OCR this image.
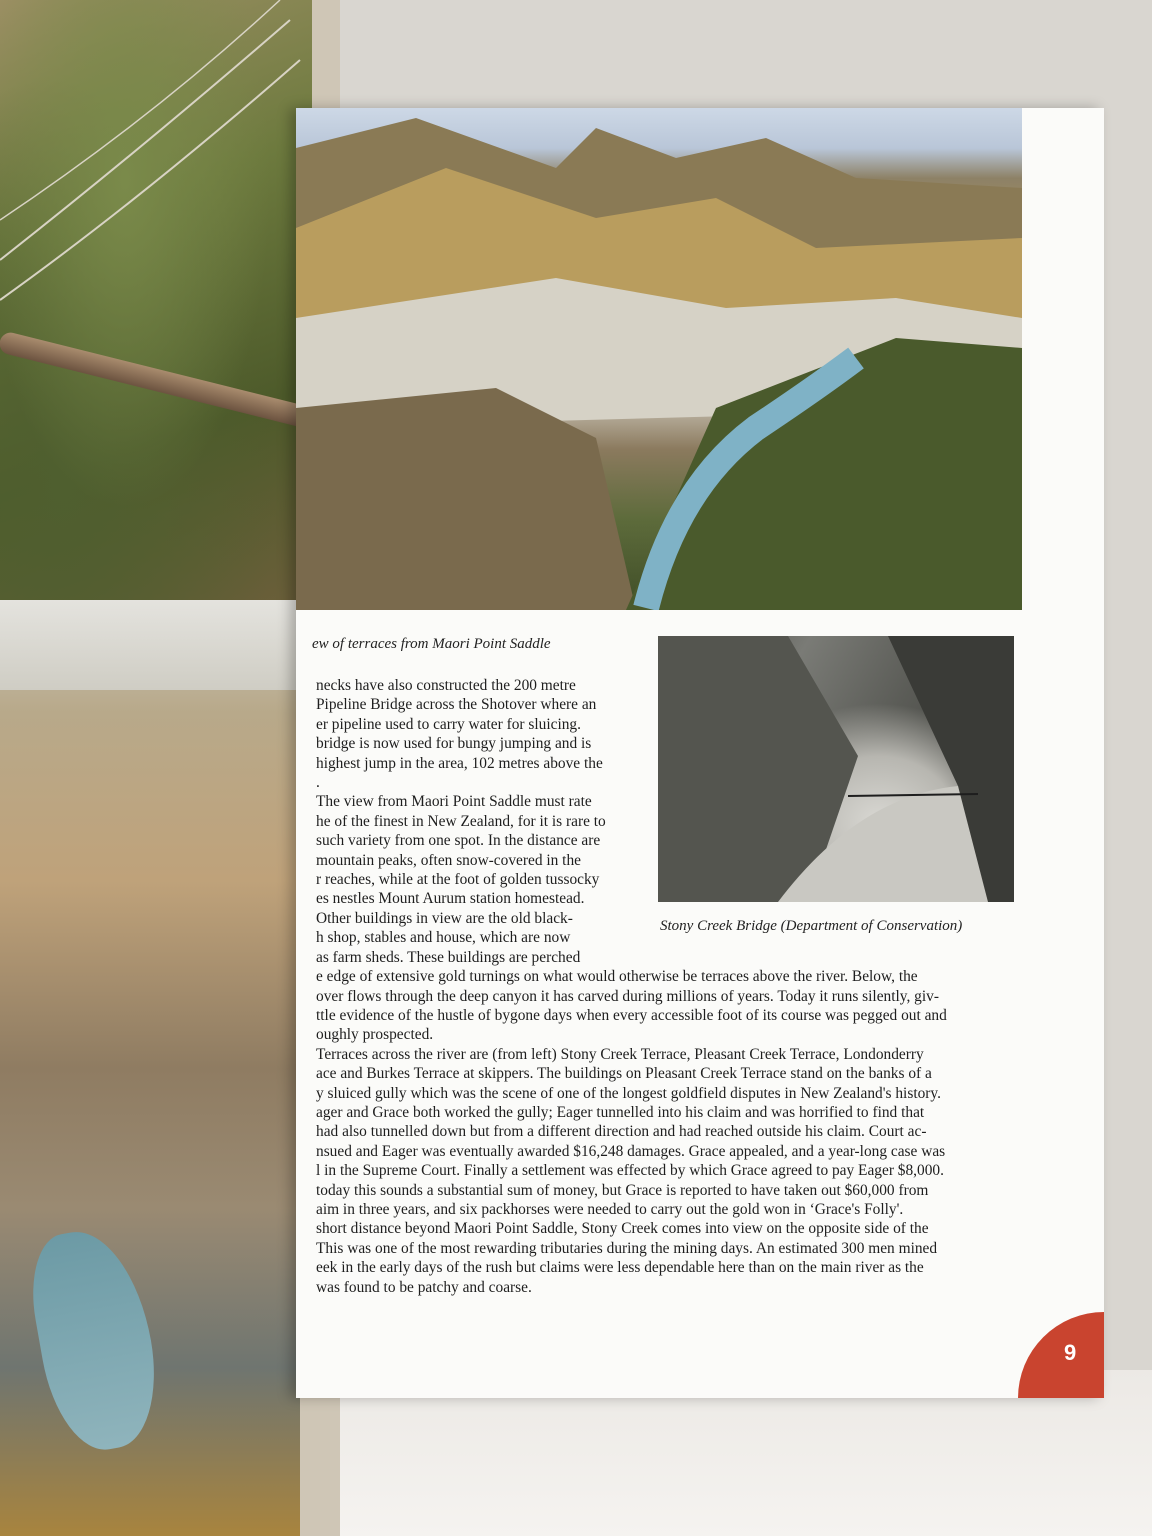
ew of terraces from Maori Point Saddle
Stony Creek Bridge (Department of Conservation)

necks have also constructed the 200 metre

Pipeline Bridge across the Shotover where an

er pipeline used to carry water for sluicing.

bridge is now used for bungy jumping and is

highest jump in the area, 102 metres above the

.

The view from Maori Point Saddle must rate

he of the finest in New Zealand, for it is rare to

such variety from one spot. In the distance are

mountain peaks, often snow-covered in the

r reaches, while at the foot of golden tussocky

es nestles Mount Aurum station homestead.

Other buildings in view are the old black-

h shop, stables and house, which are now

as farm sheds. These buildings are perched

e edge of extensive gold turnings on what would otherwise be terraces above the river. Below, the

over flows through the deep canyon it has carved during millions of years. Today it runs silently, giv-

ttle evidence of the hustle of bygone days when every accessible foot of its course was pegged out and

oughly prospected.

Terraces across the river are (from left) Stony Creek Terrace, Pleasant Creek Terrace, Londonderry

ace and Burkes Terrace at skippers. The buildings on Pleasant Creek Terrace stand on the banks of a

y sluiced gully which was the scene of one of the longest goldfield disputes in New Zealand's history.

ager and Grace both worked the gully; Eager tunnelled into his claim and was horrified to find that

had also tunnelled down but from a different direction and had reached outside his claim. Court ac-

nsued and Eager was eventually awarded $16,248 damages. Grace appealed, and a year-long case was

l in the Supreme Court. Finally a settlement was effected by which Grace agreed to pay Eager $8,000.

today this sounds a substantial sum of money, but Grace is reported to have taken out $60,000 from

aim in three years, and six packhorses were needed to carry out the gold won in ‘Grace's Folly'.

short distance beyond Maori Point Saddle, Stony Creek comes into view on the opposite side of the

This was one of the most rewarding tributaries during the mining days. An estimated 300 men mined

eek in the early days of the rush but claims were less dependable here than on the main river as the

was found to be patchy and coarse.

9
